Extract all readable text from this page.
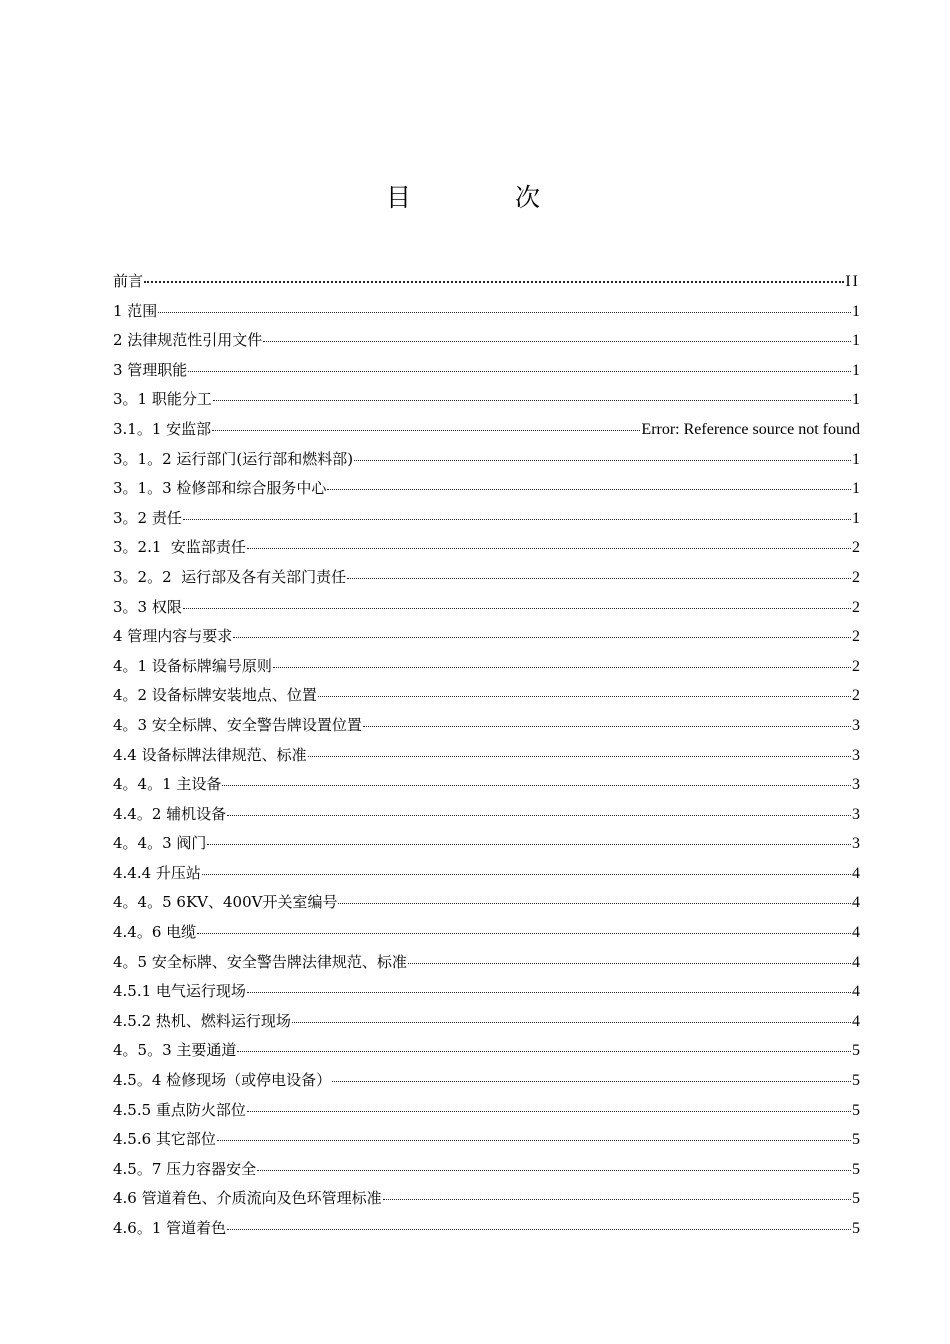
目 次
前言	II
1 范围	1
2 法律规范性引用文件	1
3 管理职能	1
3。1 职能分工	1
3.1。1 安监部	Error: Reference source not found
3。1。2 运行部门(运行部和燃料部)	1
3。1。3 检修部和综合服务中心	1
3。2 责任	1
3。2.1  安监部责任	2
3。2。2  运行部及各有关部门责任	2
3。3 权限	2
4 管理内容与要求	2
4。1 设备标牌编号原则	2
4。2 设备标牌安装地点、位置	2
4。3 安全标牌、安全警告牌设置位置	3
4.4 设备标牌法律规范、标准	3
4。4。1 主设备	3
4.4。2 辅机设备	3
4。4。3 阀门	3
4.4.4 升压站	4
4。4。5 6KV、400V开关室编号	4
4.4。6 电缆	4
4。5 安全标牌、安全警告牌法律规范、标准	4
4.5.1 电气运行现场	4
4.5.2 热机、燃料运行现场	4
4。5。3 主要通道	5
4.5。4 检修现场（或停电设备）	5
4.5.5 重点防火部位	5
4.5.6 其它部位	5
4.5。7 压力容器安全	5
4.6 管道着色、介质流向及色环管理标准	5
4.6。1 管道着色	5
